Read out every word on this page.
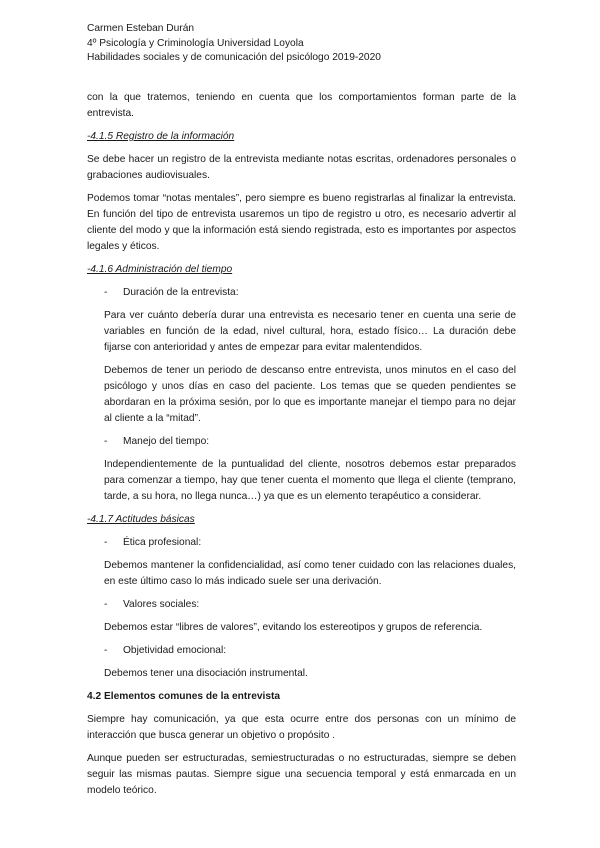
Carmen Esteban Durán
4º Psicología y Criminología Universidad Loyola
Habilidades sociales y de comunicación del psicólogo 2019-2020

con la que tratemos, teniendo en cuenta que los comportamientos forman parte de la entrevista.

-4.1.5 Registro de la información

Se debe hacer un registro de la entrevista mediante notas escritas, ordenadores personales o grabaciones audiovisuales.

Podemos tomar “notas mentales”, pero siempre es bueno registrarlas al finalizar la entrevista. En función del tipo de entrevista usaremos un tipo de registro u otro, es necesario advertir al cliente del modo y que la información está siendo registrada, esto es importantes por aspectos legales y éticos.

-4.1.6 Administración del tiempo

-	Duración de la entrevista:

Para ver cuánto debería durar una entrevista es necesario tener en cuenta una serie de variables en función de la edad, nivel cultural, hora, estado físico… La duración debe fijarse con anterioridad y antes de empezar para evitar malentendidos.

Debemos de tener un periodo de descanso entre entrevista, unos minutos en el caso del psicólogo y unos días en caso del paciente. Los temas que se queden pendientes se abordaran en la próxima sesión, por lo que es importante manejar el tiempo para no dejar al cliente a la “mitad”.

-	Manejo del tiempo:

Independientemente de la puntualidad del cliente, nosotros debemos estar preparados para comenzar a tiempo, hay que tener cuenta el momento que llega el cliente (temprano, tarde, a su hora, no llega nunca…) ya que es un elemento terapéutico a considerar.

-4.1.7 Actitudes básicas

-	Ética profesional:

Debemos mantener la confidencialidad, así como tener cuidado con las relaciones duales, en este último caso lo más indicado suele ser una derivación.

-	Valores sociales:

Debemos estar “libres de valores”, evitando los estereotipos y grupos de referencia.

-	Objetividad emocional:

Debemos tener una disociación instrumental.

4.2 Elementos comunes de la entrevista

Siempre hay comunicación, ya que esta ocurre entre dos personas con un mínimo de interacción que busca generar un objetivo o propósito .

Aunque pueden ser estructuradas, semiestructuradas o no estructuradas, siempre se deben seguir las mismas pautas. Siempre sigue una secuencia temporal y está enmarcada en un modelo teórico.
